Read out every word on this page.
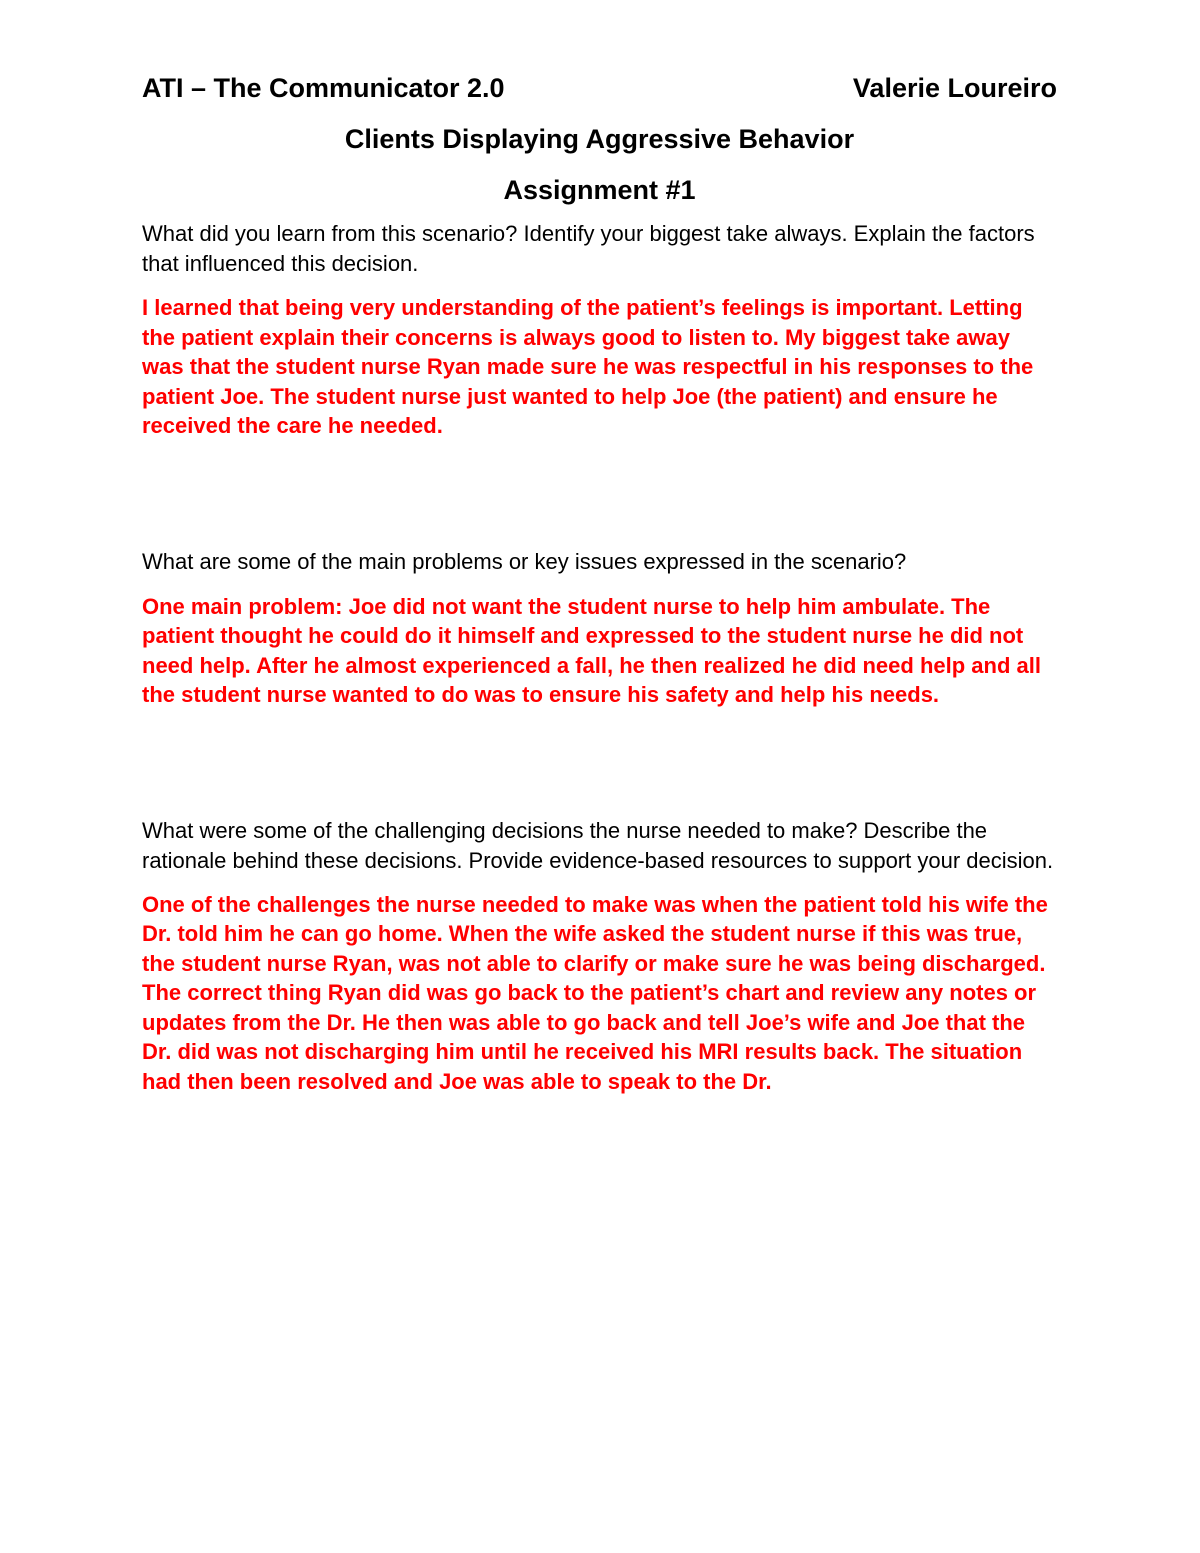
ATI – The Communicator 2.0	Valerie Loureiro
Clients Displaying Aggressive Behavior
Assignment #1

What did you learn from this scenario? Identify your biggest take always. Explain the factors that influenced this decision.

I learned that being very understanding of the patient’s feelings is important. Letting the patient explain their concerns is always good to listen to. My biggest take away was that the student nurse Ryan made sure he was respectful in his responses to the patient Joe. The student nurse just wanted to help Joe (the patient) and ensure he received the care he needed.

What are some of the main problems or key issues expressed in the scenario?

One main problem: Joe did not want the student nurse to help him ambulate. The patient thought he could do it himself and expressed to the student nurse he did not need help. After he almost experienced a fall, he then realized he did need help and all the student nurse wanted to do was to ensure his safety and help his needs.

What were some of the challenging decisions the nurse needed to make? Describe the rationale behind these decisions. Provide evidence-based resources to support your decision.

One of the challenges the nurse needed to make was when the patient told his wife the Dr. told him he can go home. When the wife asked the student nurse if this was true, the student nurse Ryan, was not able to clarify or make sure he was being discharged. The correct thing Ryan did was go back to the patient’s chart and review any notes or updates from the Dr. He then was able to go back and tell Joe’s wife and Joe that the Dr. did was not discharging him until he received his MRI results back. The situation had then been resolved and Joe was able to speak to the Dr.
